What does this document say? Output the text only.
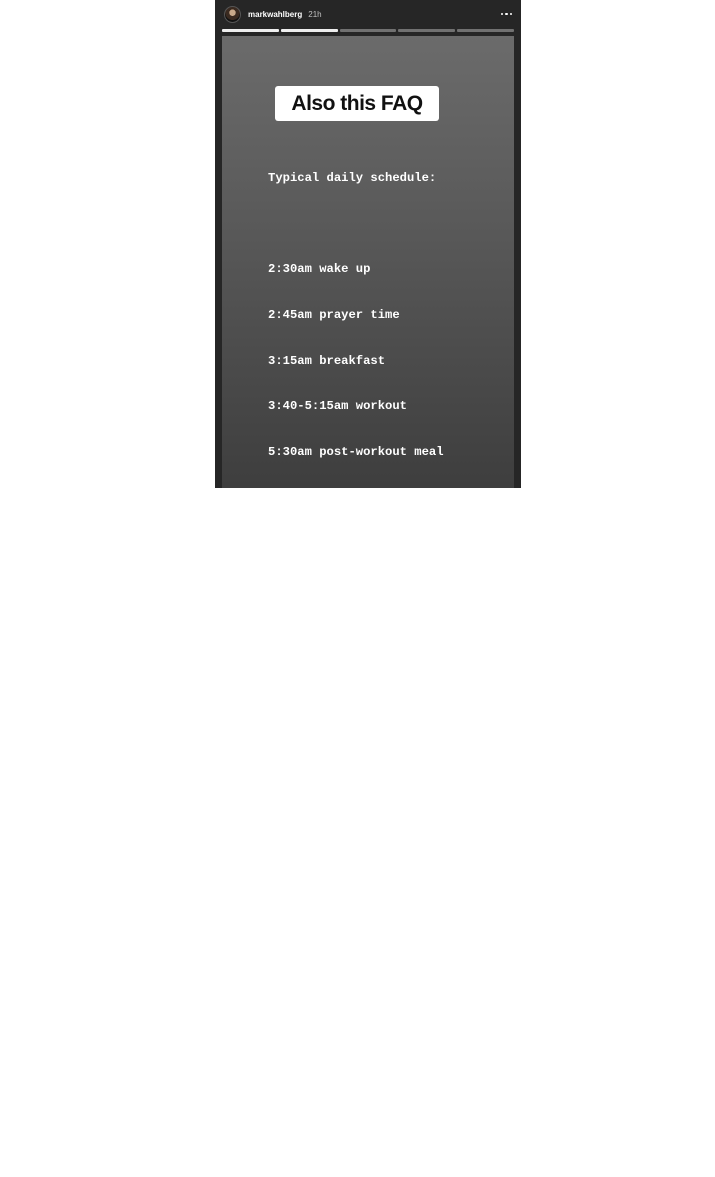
markwahlberg 21h
Also this FAQ

Typical daily schedule:

2:30am wake up

2:45am prayer time

3:15am breakfast

3:40-5:15am workout

5:30am post-workout meal

6:00am shower

7:30am golf

8:00am snack

9:30am cryo chamber recovery

10:30am snack

11:00am family time/

meetings/work calls

1:00pm lunch

2:00pm meetings/work calls

3:00pm pick up kids @ school

3:30pm snack

4:00pm workout #2

5:00pm shower

5:30pm dinner/family time

7:30pm bedtime
